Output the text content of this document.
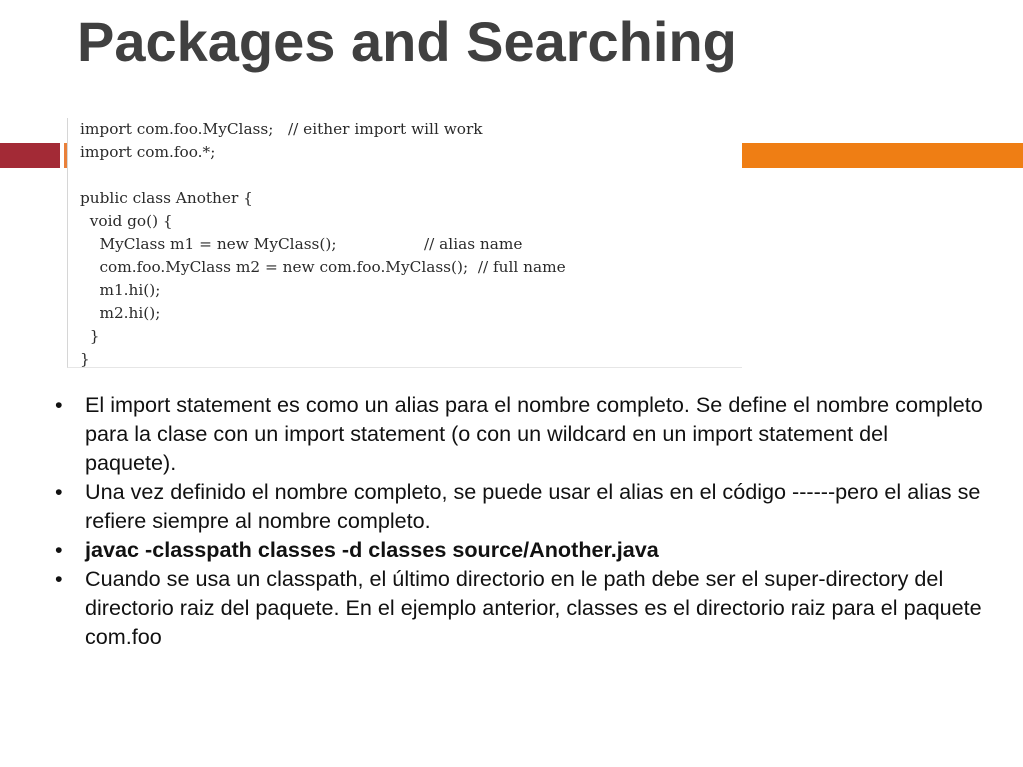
Packages and Searching
import com.foo.MyClass;   // either import will work
import com.foo.*;
public class Another {
void go() {
MyClass m1 = new MyClass();                  // alias name
com.foo.MyClass m2 = new com.foo.MyClass();  // full name
m1.hi();
m2.hi();
}
}
• El import statement es como un alias para el nombre completo. Se define el nombre completo para la clase con un import statement (o con un wildcard en un import statement del paquete).
• Una vez definido el nombre completo, se puede usar el alias en el código ------pero el alias se refiere siempre al nombre completo.
• javac -classpath classes -d classes source/Another.java
• Cuando se usa un classpath, el último directorio en le path debe ser el super-directory del directorio raiz del paquete. En el ejemplo anterior, classes es el directorio raiz para el paquete com.foo
